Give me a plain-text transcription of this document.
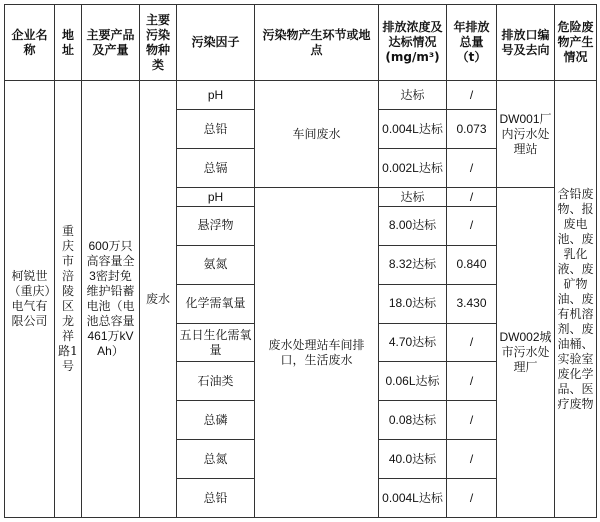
企业名称	地址	主要产品及产量	主要污染物种类	污染因子	污染物产生环节或地点	排放浓度及达标情况(mg/m³)	年排放总量（t）	排放口编号及去向	危险废物产生情况
柯锐世（重庆）电气有限公司	重庆市涪陵区龙祥路1号	600万只高容量全3密封免维护铅蓄电池（电池总容量461万kVAh）	废水	pH	车间废水	达标	/	DW001厂内污水处理站	含铅废物、报废电池、废乳化液、废矿物油、废有机溶剂、废油桶、实验室废化学品、医疗废物
				总铅		0.004L达标	0.073		
				总镉		0.002L达标	/		
				pH	废水处理站车间排口，生活废水	达标	/	DW002城市污水处理厂	
				悬浮物		8.00达标	/		
				氨氮		8.32达标	0.840		
				化学需氧量		18.0达标	3.430		
				五日生化需氧量		4.70达标	/		
				石油类		0.06L达标	/		
				总磷		0.08达标	/		
				总氮		40.0达标	/		
				总铅		0.004L达标	/		
